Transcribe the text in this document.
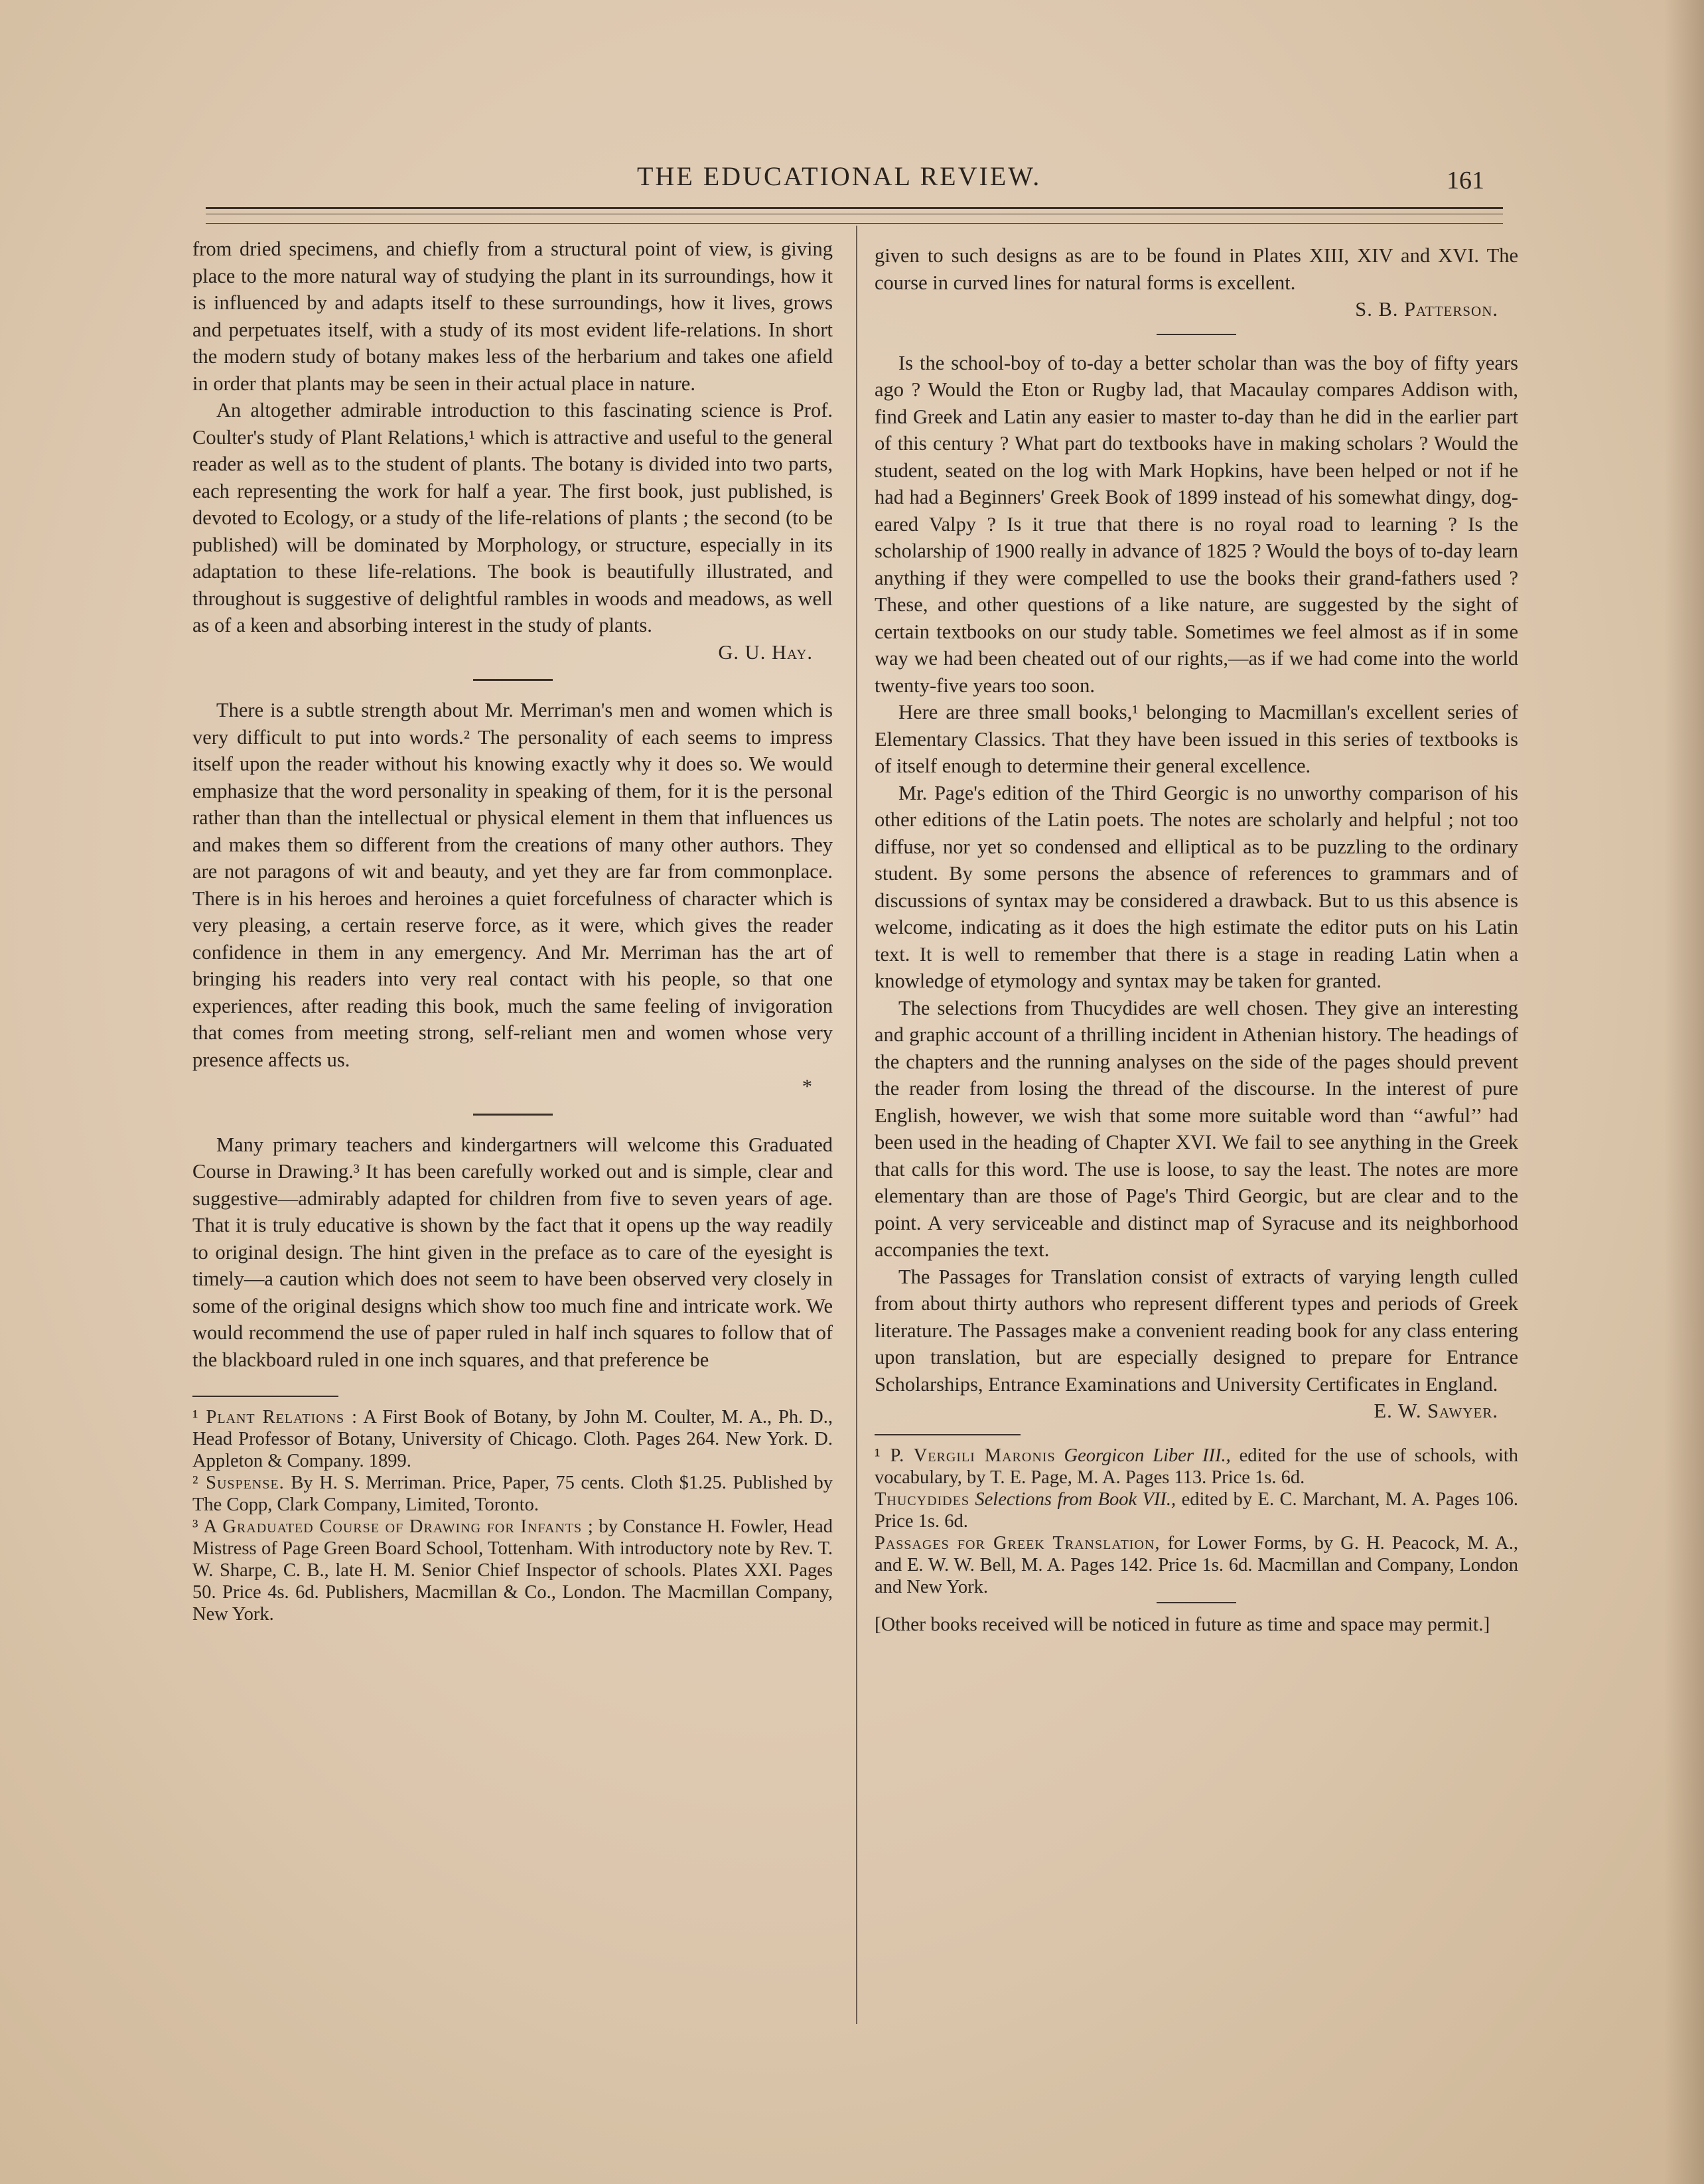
THE EDUCATIONAL REVIEW.	161

from dried specimens, and chiefly from a structural point of view, is giving place to the more natural way of studying the plant in its surroundings, how it is influenced by and adapts itself to these surroundings, how it lives, grows and perpetuates itself, with a study of its most evident life-relations. In short the modern study of botany makes less of the herbarium and takes one afield in order that plants may be seen in their actual place in nature.

An altogether admirable introduction to this fascinating science is Prof. Coulter's study of Plant Relations,¹ which is attractive and useful to the general reader as well as to the student of plants. The botany is divided into two parts, each representing the work for half a year. The first book, just published, is devoted to Ecology, or a study of the life-relations of plants ; the second (to be published) will be dominated by Morphology, or structure, especially in its adaptation to these life-relations. The book is beautifully illustrated, and throughout is suggestive of delightful rambles in woods and meadows, as well as of a keen and absorbing interest in the study of plants.

G. U. Hay.

There is a subtle strength about Mr. Merriman's men and women which is very difficult to put into words.² The personality of each seems to impress itself upon the reader without his knowing exactly why it does so. We would emphasize that the word personality in speaking of them, for it is the personal rather than than the intellectual or physical element in them that influences us and makes them so different from the creations of many other authors. They are not paragons of wit and beauty, and yet they are far from commonplace. There is in his heroes and heroines a quiet forcefulness of character which is very pleasing, a certain reserve force, as it were, which gives the reader confidence in them in any emergency. And Mr. Merriman has the art of bringing his readers into very real contact with his people, so that one experiences, after reading this book, much the same feeling of invigoration that comes from meeting strong, self-reliant men and women whose very presence affects us.

*

Many primary teachers and kindergartners will welcome this Graduated Course in Drawing.³ It has been carefully worked out and is simple, clear and suggestive—admirably adapted for children from five to seven years of age. That it is truly educative is shown by the fact that it opens up the way readily to original design. The hint given in the preface as to care of the eyesight is timely—a caution which does not seem to have been observed very closely in some of the original designs which show too much fine and intricate work. We would recommend the use of paper ruled in half inch squares to follow that of the blackboard ruled in one inch squares, and that preference be

¹ Plant Relations : A First Book of Botany, by John M. Coulter, M. A., Ph. D., Head Professor of Botany, University of Chicago. Cloth. Pages 264. New York. D. Appleton & Company. 1899.

² Suspense. By H. S. Merriman. Price, Paper, 75 cents. Cloth $1.25. Published by The Copp, Clark Company, Limited, Toronto.

³ A Graduated Course of Drawing for Infants ; by Constance H. Fowler, Head Mistress of Page Green Board School, Tottenham. With introductory note by Rev. T. W. Sharpe, C. B., late H. M. Senior Chief Inspector of schools. Plates XXI. Pages 50. Price 4s. 6d. Publishers, Macmillan & Co., London. The Macmillan Company, New York.

given to such designs as are to be found in Plates XIII, XIV and XVI. The course in curved lines for natural forms is excellent.

S. B. Patterson.

Is the school-boy of to-day a better scholar than was the boy of fifty years ago ? Would the Eton or Rugby lad, that Macaulay compares Addison with, find Greek and Latin any easier to master to-day than he did in the earlier part of this century ? What part do textbooks have in making scholars ? Would the student, seated on the log with Mark Hopkins, have been helped or not if he had had a Beginners' Greek Book of 1899 instead of his somewhat dingy, dog-eared Valpy ? Is it true that there is no royal road to learning ? Is the scholarship of 1900 really in advance of 1825 ? Would the boys of to-day learn anything if they were compelled to use the books their grand-fathers used ? These, and other questions of a like nature, are suggested by the sight of certain textbooks on our study table. Sometimes we feel almost as if in some way we had been cheated out of our rights,—as if we had come into the world twenty-five years too soon.

Here are three small books,¹ belonging to Macmillan's excellent series of Elementary Classics. That they have been issued in this series of textbooks is of itself enough to determine their general excellence.

Mr. Page's edition of the Third Georgic is no unworthy comparison of his other editions of the Latin poets. The notes are scholarly and helpful ; not too diffuse, nor yet so condensed and elliptical as to be puzzling to the ordinary student. By some persons the absence of references to grammars and of discussions of syntax may be considered a drawback. But to us this absence is welcome, indicating as it does the high estimate the editor puts on his Latin text. It is well to remember that there is a stage in reading Latin when a knowledge of etymology and syntax may be taken for granted.

The selections from Thucydides are well chosen. They give an interesting and graphic account of a thrilling incident in Athenian history. The headings of the chapters and the running analyses on the side of the pages should prevent the reader from losing the thread of the discourse. In the interest of pure English, however, we wish that some more suitable word than ‘‘awful’’ had been used in the heading of Chapter XVI. We fail to see anything in the Greek that calls for this word. The use is loose, to say the least. The notes are more elementary than are those of Page's Third Georgic, but are clear and to the point. A very serviceable and distinct map of Syracuse and its neighborhood accompanies the text.

The Passages for Translation consist of extracts of varying length culled from about thirty authors who represent different types and periods of Greek literature. The Passages make a convenient reading book for any class entering upon translation, but are especially designed to prepare for Entrance Scholarships, Entrance Examinations and University Certificates in England.

E. W. Sawyer.

¹ P. Vergili Maronis Georgicon Liber III., edited for the use of schools, with vocabulary, by T. E. Page, M. A. Pages 113. Price 1s. 6d.

Thucydides Selections from Book VII., edited by E. C. Marchant, M. A. Pages 106. Price 1s. 6d.

Passages for Greek Translation, for Lower Forms, by G. H. Peacock, M. A., and E. W. W. Bell, M. A. Pages 142. Price 1s. 6d. Macmillan and Company, London and New York.

[Other books received will be noticed in future as time and space may permit.]
